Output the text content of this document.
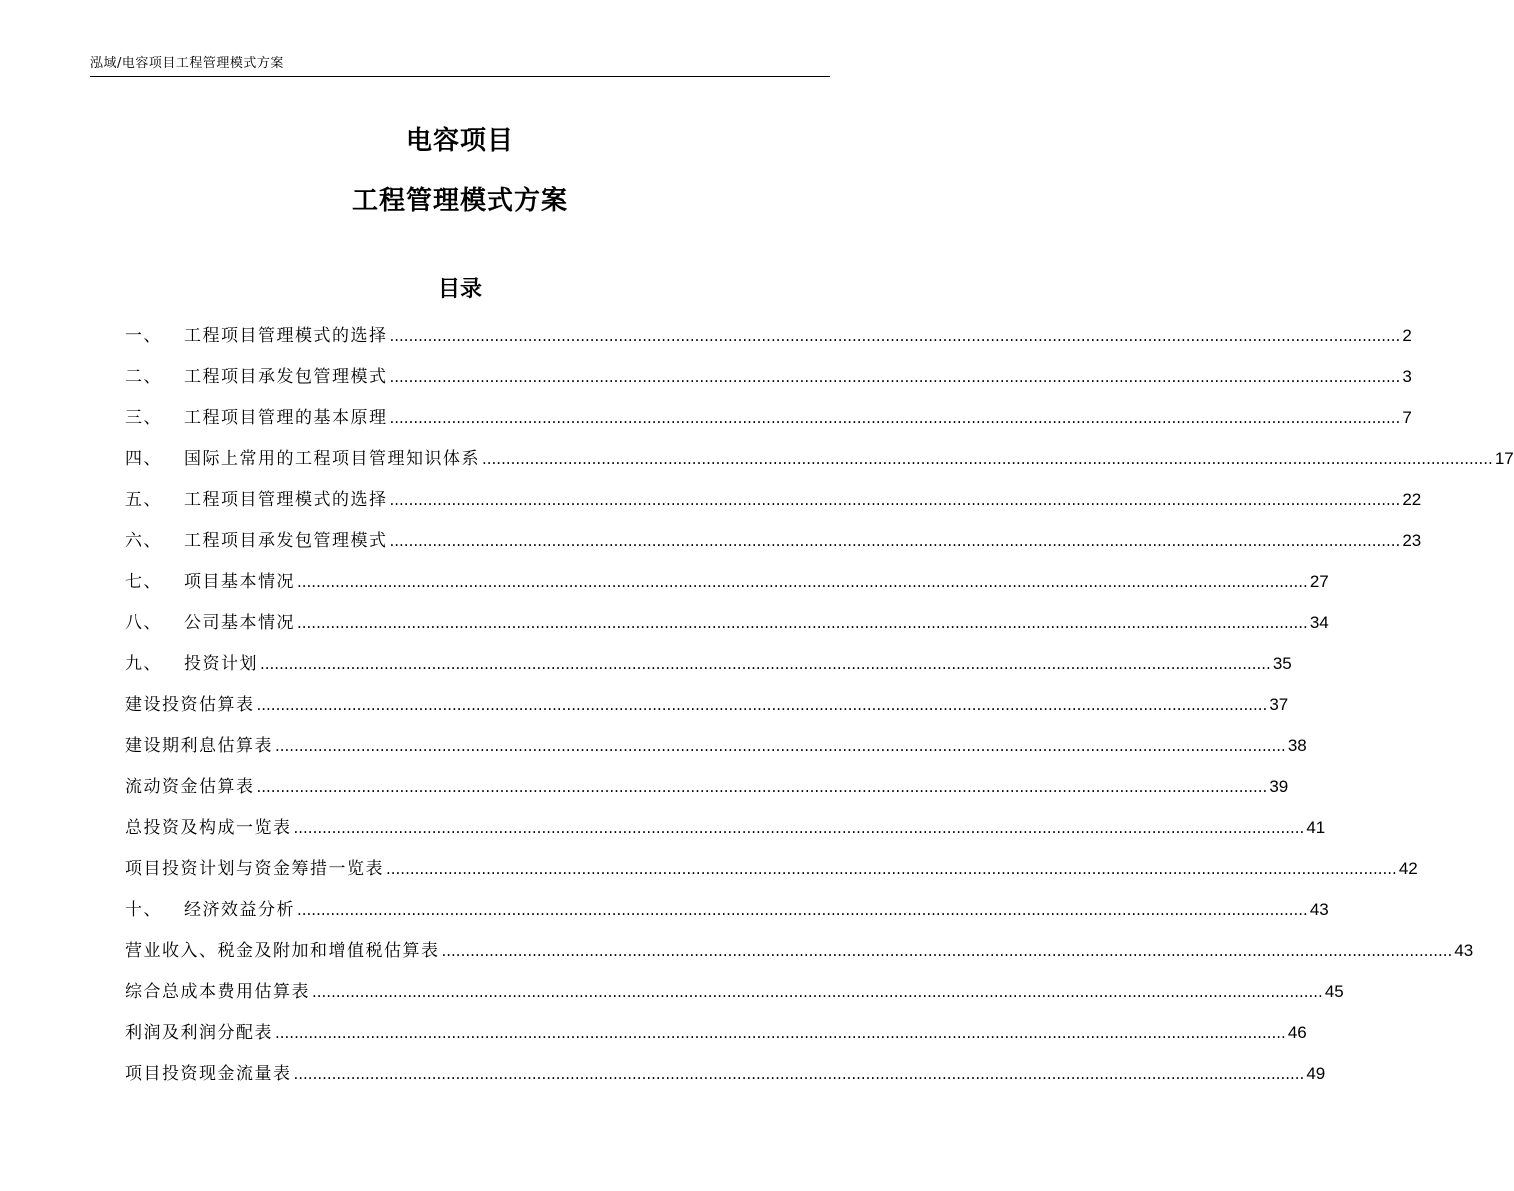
泓域/电容项目工程管理模式方案
电容项目
工程管理模式方案
目录
一、 工程项目管理模式的选择 .................................................................................................................................................................................................................... 2
二、 工程项目承发包管理模式 .................................................................................................................................................................................................................... 3
三、 工程项目管理的基本原理 .................................................................................................................................................................................................................... 7
四、 国际上常用的工程项目管理知识体系 .................................................................................................................................................................................................................... 17
五、 工程项目管理模式的选择 .................................................................................................................................................................................................................... 22
六、 工程项目承发包管理模式 .................................................................................................................................................................................................................... 23
七、 项目基本情况 .................................................................................................................................................................................................................... 27
八、 公司基本情况 .................................................................................................................................................................................................................... 34
九、 投资计划 .................................................................................................................................................................................................................... 35
建设投资估算表 .................................................................................................................................................................................................................... 37
建设期利息估算表 .................................................................................................................................................................................................................... 38
流动资金估算表 .................................................................................................................................................................................................................... 39
总投资及构成一览表 .................................................................................................................................................................................................................... 41
项目投资计划与资金筹措一览表 .................................................................................................................................................................................................................... 42
十、 经济效益分析 .................................................................................................................................................................................................................... 43
营业收入、税金及附加和增值税估算表 .................................................................................................................................................................................................................... 43
综合总成本费用估算表 .................................................................................................................................................................................................................... 45
利润及利润分配表 .................................................................................................................................................................................................................... 46
项目投资现金流量表 .................................................................................................................................................................................................................... 49
